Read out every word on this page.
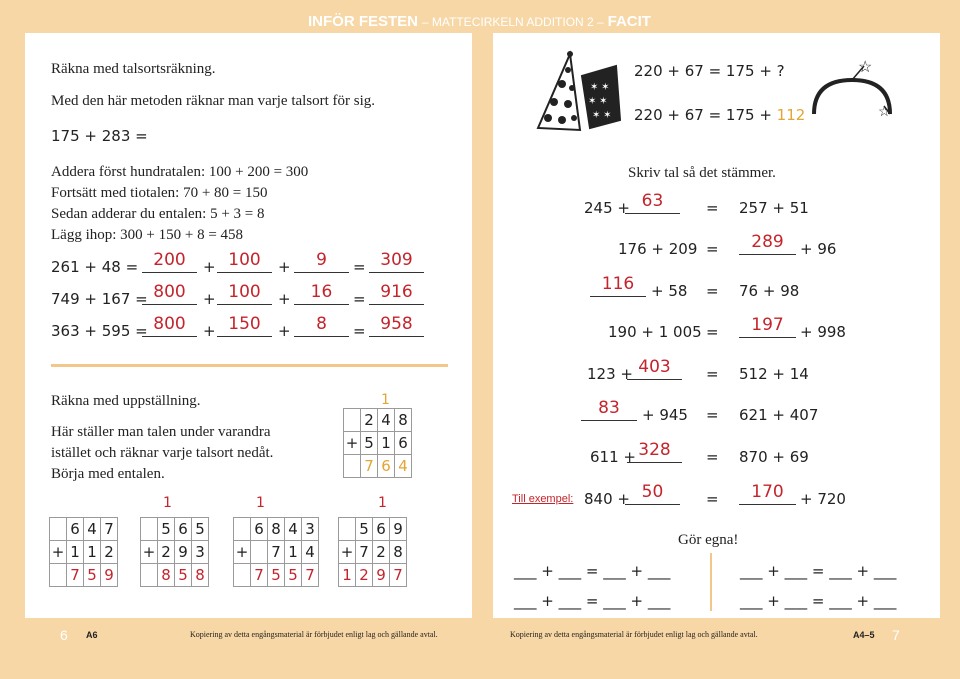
INFÖR FESTEN – MATTECIRKELN ADDITION 2 – FACIT
Räkna med talsortsräkning.
Med den här metoden räknar man varje talsort för sig.
175 + 283 =
Addera först hundratalen: 100 + 200 = 300
Fortsätt med tiotalen: 70 + 80 = 150
Sedan adderar du entalen: 5 + 3 = 8
Lägg ihop: 300 + 150 + 8 = 458
261 + 48 = 200	+ 100	+	9	= 309
749 + 167 = 800	+ 100	+	16	= 916
363 + 595 = 800	+ 150	+	8	= 958
Räkna med uppställning.
Här ställer man talen under varandra
istället och räknar varje talsort nedåt.
Börja med entalen.
1
	2	4	8
+	5	1	6
	7	6	4
	6	4	7
+	1	1	2
	7	5	9
1
	5	6	5
+	2	9	3
	8	5	8
1
	6	8	4	3
+		7	1	4
	7	5	5	7
1
	5	6	9
+	7	2	8
1	2	9	7
✶ ✶
✶ ✶
✶ ✶
220 + 67 = 175 + ?
220 + 67 = 175 + 112
☆
☆
Skriv tal så det stämmer.
245 + 63	= 257 + 51
176 + 209 =	289	+ 96
116	+ 58 = 76 + 98
190 + 1 005 =	197	+ 998
123 + 403	= 512 + 14
83	+ 945 = 621 + 407
611 + 328	= 870 + 69
Till exempel: 840 + 50	=	170	+ 720
Gör egna!
___ + ___ = ___ + ___	___ + ___ = ___ + ___
___ + ___ = ___ + ___	___ + ___ = ___ + ___
6 A6	Kopiering av detta engångsmaterial är förbjudet enligt lag och gällande avtal.	Kopiering av detta engångsmaterial är förbjudet enligt lag och gällande avtal.	A4–5 7
